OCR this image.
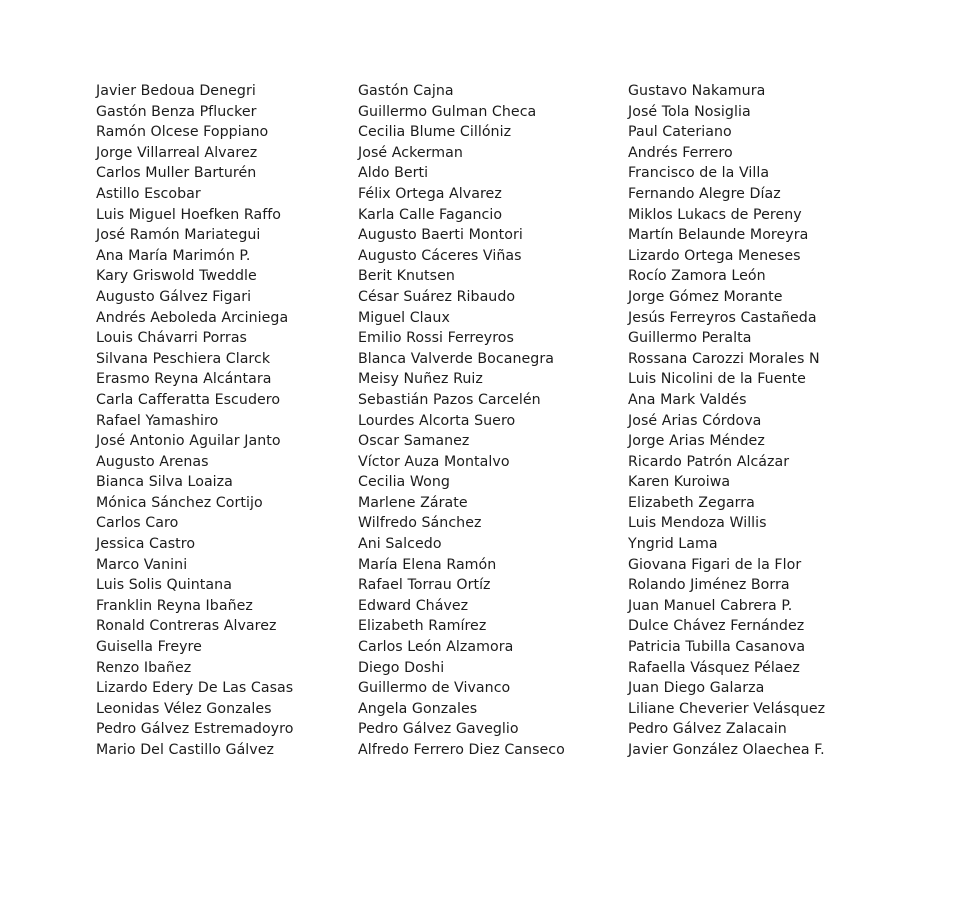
Javier Bedoua Denegri
Gastón Benza Pflucker
Ramón Olcese Foppiano
Jorge Villarreal Alvarez
Carlos Muller Barturén
Astillo Escobar
Luis Miguel Hoefken Raffo
José Ramón Mariategui
Ana María Marimón P.
Kary Griswold Tweddle
Augusto Gálvez Figari
Andrés Aeboleda Arciniega
Louis Chávarri Porras
Silvana Peschiera Clarck
Erasmo Reyna Alcántara
Carla Cafferatta Escudero
Rafael Yamashiro
José Antonio Aguilar Janto
Augusto Arenas
Bianca Silva Loaiza
Mónica Sánchez Cortijo
Carlos Caro
Jessica Castro
Marco Vanini
Luis Solis Quintana
Franklin Reyna Ibañez
Ronald Contreras Alvarez
Guisella Freyre
Renzo Ibañez
Lizardo Edery De Las Casas
Leonidas Vélez Gonzales
Pedro Gálvez Estremadoyro
Mario Del Castillo Gálvez
Gastón Cajna
Guillermo Gulman Checa
Cecilia Blume Cillóniz
José Ackerman
Aldo Berti
Félix Ortega Alvarez
Karla Calle Fagancio
Augusto Baerti Montori
Augusto Cáceres Viñas
Berit Knutsen
César Suárez Ribaudo
Miguel Claux
Emilio Rossi Ferreyros
Blanca Valverde Bocanegra
Meisy Nuñez Ruiz
Sebastián Pazos Carcelén
Lourdes Alcorta Suero
Oscar Samanez
Víctor Auza Montalvo
Cecilia Wong
Marlene Zárate
Wilfredo Sánchez
Ani Salcedo
María Elena Ramón
Rafael Torrau Ortíz
Edward Chávez
Elizabeth Ramírez
Carlos León Alzamora
Diego Doshi
Guillermo de Vivanco
Angela Gonzales
Pedro Gálvez Gaveglio
Alfredo Ferrero Diez Canseco
Gustavo Nakamura
José Tola Nosiglia
Paul Cateriano
Andrés Ferrero
Francisco de la Villa
Fernando Alegre Díaz
Miklos Lukacs de Pereny
Martín Belaunde Moreyra
Lizardo Ortega Meneses
Rocío Zamora León
Jorge Gómez Morante
Jesús Ferreyros Castañeda
Guillermo Peralta
Rossana Carozzi Morales N
Luis Nicolini de la Fuente
Ana Mark Valdés
José Arias Córdova
Jorge Arias Méndez
Ricardo Patrón Alcázar
Karen Kuroiwa
Elizabeth Zegarra
Luis Mendoza Willis
Yngrid Lama
Giovana Figari de la Flor
Rolando Jiménez Borra
Juan Manuel Cabrera P.
Dulce Chávez Fernández
Patricia Tubilla Casanova
Rafaella Vásquez Pélaez
Juan Diego Galarza
Liliane Cheverier Velásquez
Pedro Gálvez Zalacain
Javier González Olaechea F.
